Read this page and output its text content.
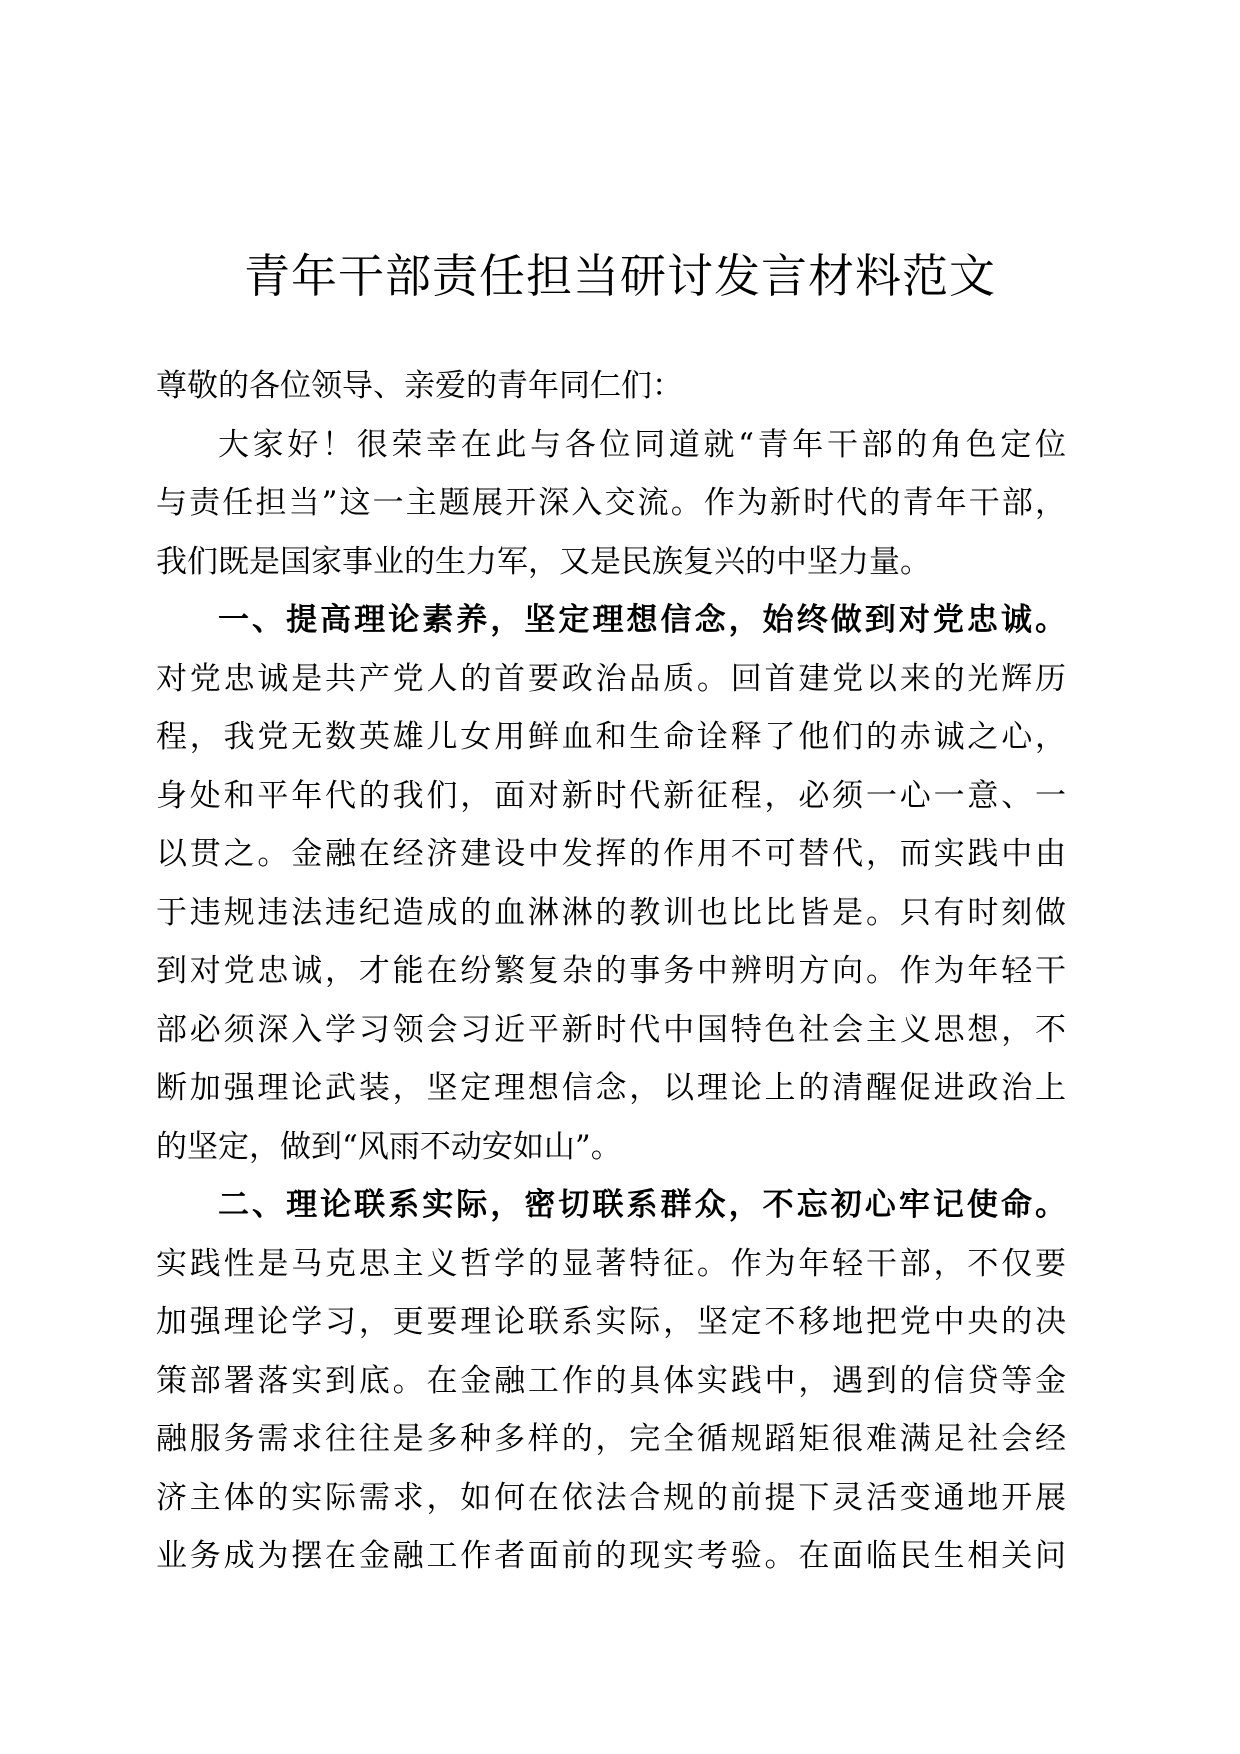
青年干部责任担当研讨发言材料范文
尊敬的各位领导、亲爱的青年同仁们：
大家好！很荣幸在此与各位同道就“青年干部的角色定位
与责任担当”这一主题展开深入交流。作为新时代的青年干部，
我们既是国家事业的生力军，又是民族复兴的中坚力量。
一、提高理论素养，坚定理想信念，始终做到对党忠诚。
对党忠诚是共产党人的首要政治品质。回首建党以来的光辉历
程，我党无数英雄儿女用鲜血和生命诠释了他们的赤诚之心，
身处和平年代的我们，面对新时代新征程，必须一心一意、一
以贯之。金融在经济建设中发挥的作用不可替代，而实践中由
于违规违法违纪造成的血淋淋的教训也比比皆是。只有时刻做
到对党忠诚，才能在纷繁复杂的事务中辨明方向。作为年轻干
部必须深入学习领会习近平新时代中国特色社会主义思想，不
断加强理论武装，坚定理想信念，以理论上的清醒促进政治上
的坚定，做到“风雨不动安如山”。
二、理论联系实际，密切联系群众，不忘初心牢记使命。
实践性是马克思主义哲学的显著特征。作为年轻干部，不仅要
加强理论学习，更要理论联系实际，坚定不移地把党中央的决
策部署落实到底。在金融工作的具体实践中，遇到的信贷等金
融服务需求往往是多种多样的，完全循规蹈矩很难满足社会经
济主体的实际需求，如何在依法合规的前提下灵活变通地开展
业务成为摆在金融工作者面前的现实考验。在面临民生相关问
